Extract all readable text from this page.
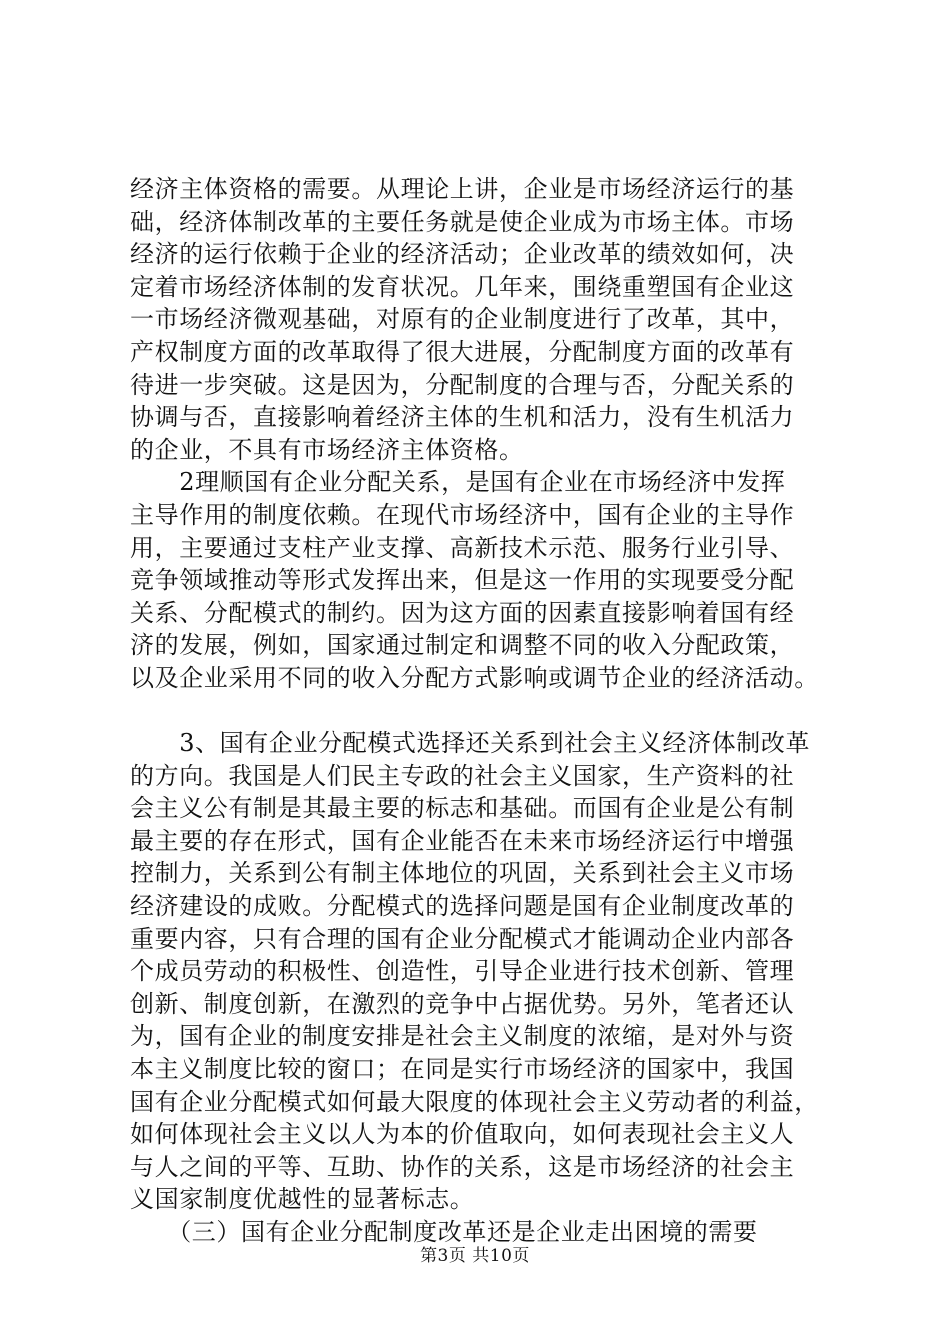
经济主体资格的需要。从理论上讲，企业是市场经济运行的基
础，经济体制改革的主要任务就是使企业成为市场主体。市场
经济的运行依赖于企业的经济活动；企业改革的绩效如何，决
定着市场经济体制的发育状况。几年来，围绕重塑国有企业这
一市场经济微观基础，对原有的企业制度进行了改革，其中，
产权制度方面的改革取得了很大进展，分配制度方面的改革有
待进一步突破。这是因为，分配制度的合理与否，分配关系的
协调与否，直接影响着经济主体的生机和活力，没有生机活力
的企业，不具有市场经济主体资格。
　　2理顺国有企业分配关系，是国有企业在市场经济中发挥
主导作用的制度依赖。在现代市场经济中，国有企业的主导作
用，主要通过支柱产业支撑、高新技术示范、服务行业引导、
竞争领域推动等形式发挥出来，但是这一作用的实现要受分配
关系、分配模式的制约。因为这方面的因素直接影响着国有经
济的发展，例如，国家通过制定和调整不同的收入分配政策，
以及企业采用不同的收入分配方式影响或调节企业的经济活动。
　　3、国有企业分配模式选择还关系到社会主义经济体制改革
的方向。我国是人们民主专政的社会主义国家，生产资料的社
会主义公有制是其最主要的标志和基础。而国有企业是公有制
最主要的存在形式，国有企业能否在未来市场经济运行中增强
控制力，关系到公有制主体地位的巩固，关系到社会主义市场
经济建设的成败。分配模式的选择问题是国有企业制度改革的
重要内容，只有合理的国有企业分配模式才能调动企业内部各
个成员劳动的积极性、创造性，引导企业进行技术创新、管理
创新、制度创新，在激烈的竞争中占据优势。另外，笔者还认
为，国有企业的制度安排是社会主义制度的浓缩，是对外与资
本主义制度比较的窗口；在同是实行市场经济的国家中，我国
国有企业分配模式如何最大限度的体现社会主义劳动者的利益，
如何体现社会主义以人为本的价值取向，如何表现社会主义人
与人之间的平等、互助、协作的关系，这是市场经济的社会主
义国家制度优越性的显著标志。
　　（三）国有企业分配制度改革还是企业走出困境的需要
第3页 共10页
